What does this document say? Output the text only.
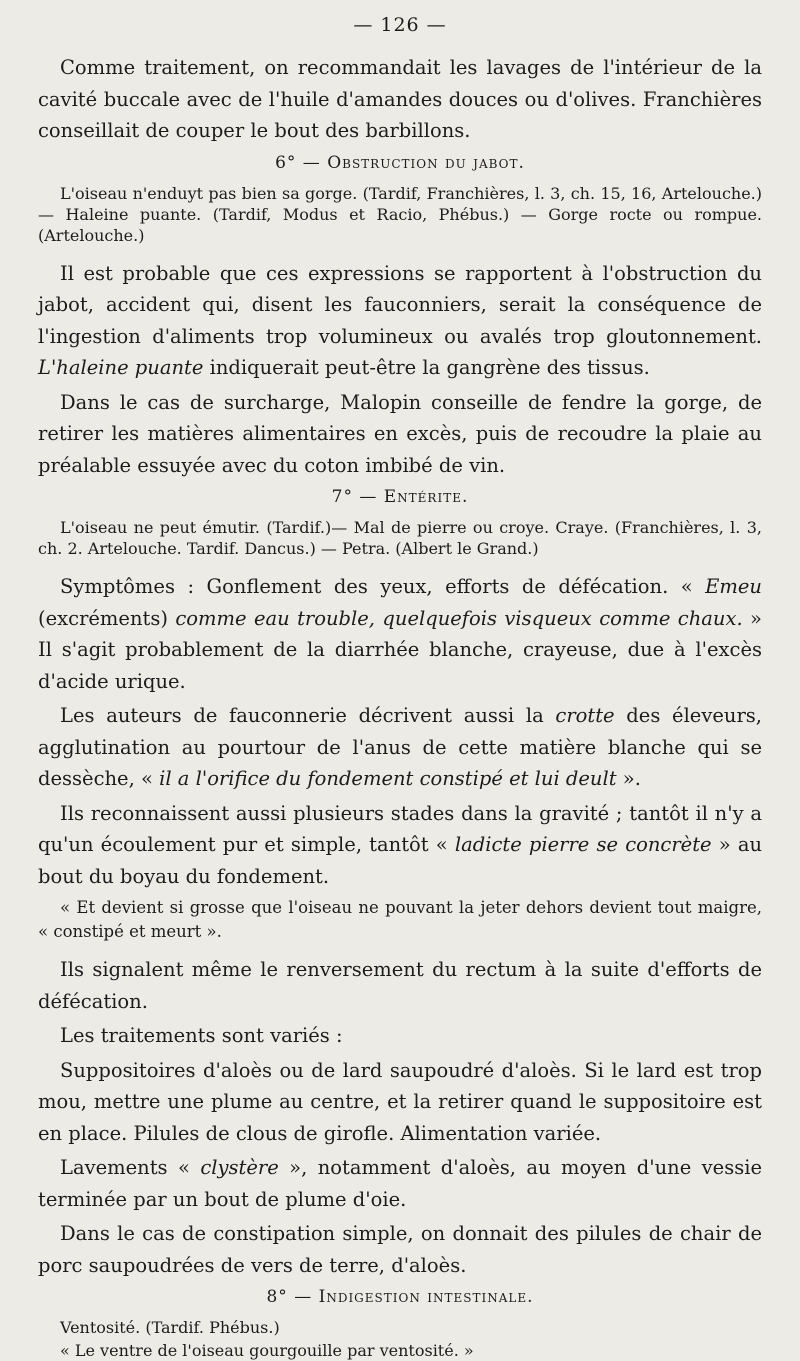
— 126 —

Comme traitement, on recommandait les lavages de l'intérieur de la cavité buccale avec de l'huile d'amandes douces ou d'olives. Franchières conseillait de couper le bout des barbillons.

6° — Obstruction du jabot.

L'oiseau n'enduyt pas bien sa gorge. (Tardif, Franchières, l. 3, ch. 15, 16, Artelouche.) — Haleine puante. (Tardif, Modus et Racio, Phébus.) — Gorge rocte ou rompue. (Artelouche.)

Il est probable que ces expressions se rapportent à l'obstruction du jabot, accident qui, disent les fauconniers, serait la conséquence de l'ingestion d'aliments trop volumineux ou avalés trop gloutonnement. L'haleine puante indiquerait peut-être la gangrène des tissus.

Dans le cas de surcharge, Malopin conseille de fendre la gorge, de retirer les matières alimentaires en excès, puis de recoudre la plaie au préalable essuyée avec du coton imbibé de vin.

7° — Entérite.

L'oiseau ne peut émutir. (Tardif.)— Mal de pierre ou croye. Craye. (Franchières, l. 3, ch. 2. Artelouche. Tardif. Dancus.) — Petra. (Albert le Grand.)

Symptômes : Gonflement des yeux, efforts de défécation. « Emeu (excréments) comme eau trouble, quelquefois visqueux comme chaux. » Il s'agit probablement de la diarrhée blanche, crayeuse, due à l'excès d'acide urique.

Les auteurs de fauconnerie décrivent aussi la crotte des éleveurs, agglutination au pourtour de l'anus de cette matière blanche qui se dessèche, « il a l'orifice du fondement constipé et lui deult ».

Ils reconnaissent aussi plusieurs stades dans la gravité ; tantôt il n'y a qu'un écoulement pur et simple, tantôt « ladicte pierre se concrète » au bout du boyau du fondement.

« Et devient si grosse que l'oiseau ne pouvant la jeter dehors devient tout maigre, « constipé et meurt ».

Ils signalent même le renversement du rectum à la suite d'efforts de défécation.

Les traitements sont variés :

Suppositoires d'aloès ou de lard saupoudré d'aloès. Si le lard est trop mou, mettre une plume au centre, et la retirer quand le suppositoire est en place. Pilules de clous de girofle. Alimentation variée.

Lavements « clystère », notamment d'aloès, au moyen d'une vessie terminée par un bout de plume d'oie.

Dans le cas de constipation simple, on donnait des pilules de chair de porc saupoudrées de vers de terre, d'aloès.

8° — Indigestion intestinale.

Ventosité. (Tardif. Phébus.)

« Le ventre de l'oiseau gourgouille par ventosité. »
